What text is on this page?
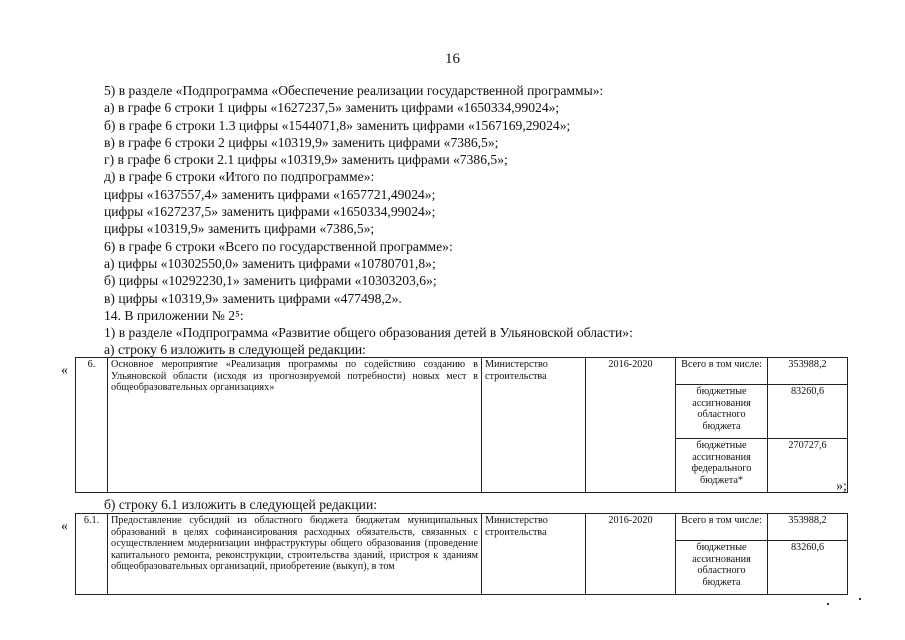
16
5) в разделе «Подпрограмма «Обеспечение реализации государственной программы»:
а) в графе 6 строки 1 цифры «1627237,5» заменить цифрами «1650334,99024»;
б) в графе 6 строки 1.3 цифры «1544071,8» заменить цифрами «1567169,29024»;
в) в графе 6 строки 2 цифры «10319,9» заменить цифрами «7386,5»;
г) в графе 6 строки 2.1 цифры «10319,9» заменить цифрами «7386,5»;
д) в графе 6 строки «Итого по подпрограмме»:
цифры «1637557,4» заменить цифрами «1657721,49024»;
цифры «1627237,5» заменить цифрами «1650334,99024»;
цифры «10319,9» заменить цифрами «7386,5»;
6) в графе 6 строки «Всего по государственной программе»:
а) цифры «10302550,0» заменить цифрами «10780701,8»;
б) цифры «10292230,1» заменить цифрами «10303203,6»;
в) цифры «10319,9» заменить цифрами «477498,2».
14. В приложении № 2⁵:
1) в разделе «Подпрограмма «Развитие общего образования детей в Ульяновской области»:
а) строку 6 изложить в следующей редакции:
« 6.	Основное мероприятие «Реализация программы по содействию созданию в Ульяновской области (исходя из прогнозируемой потребности) новых мест в общеобразовательных организациях»	Министерство строительства	2016-2020	Всего в том числе:	353988,2
				бюджетные ассигнования областного бюджета	83260,6
				бюджетные ассигнования федерального бюджета*	270727,6
»;
б) строку 6.1 изложить в следующей редакции:
« 6.1.	Предоставление субсидий из областного бюджета бюджетам муниципальных образований в целях софинансирования расходных обязательств, связанных с осуществлением модернизации инфраструктуры общего образования (проведение капитального ремонта, реконструкции, строительства зданий, пристроя к зданиям общеобразовательных организаций, приобретение (выкуп), в том	Министерство строительства	2016-2020	Всего в том числе:	353988,2
				бюджетные ассигнования областного бюджета	83260,6
